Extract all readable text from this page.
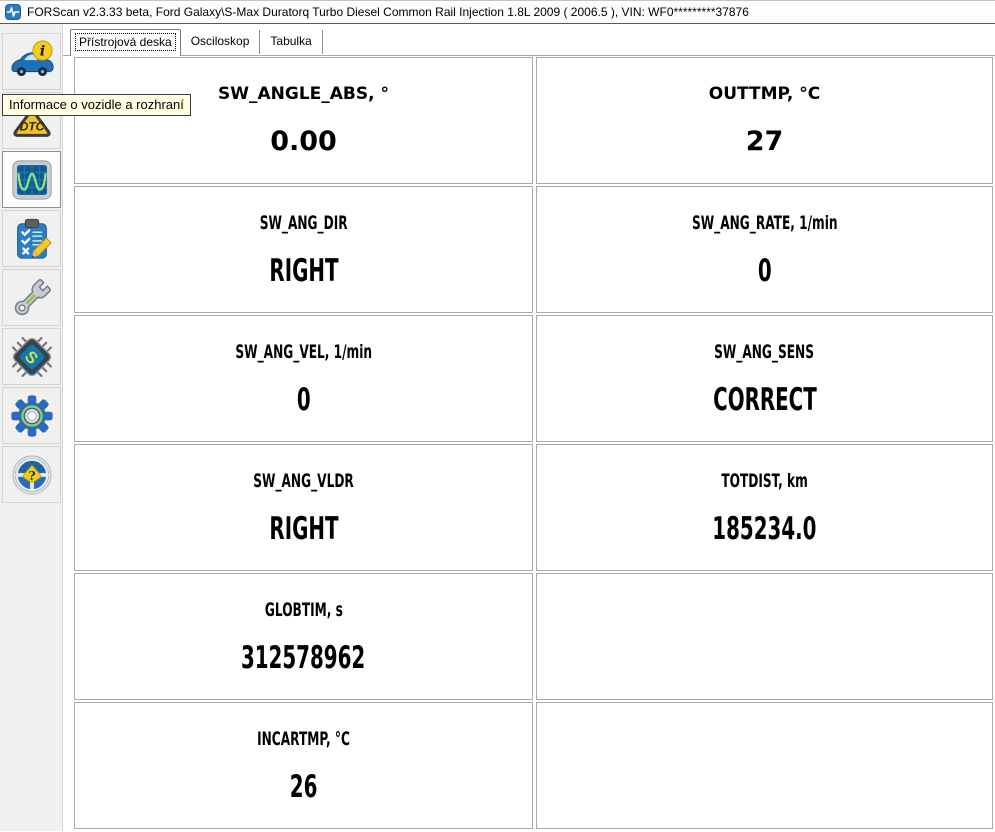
FORScan v2.3.33 beta, Ford Galaxy\S-Max Duratorq Turbo Diesel Common Rail Injection 1.8L 2009 ( 2006.5 ), VIN: WF0*********37876
i
DTC
S
?
Přístrojová deska	Osciloskop	Tabulka
SW_ANGLE_ABS, °
0.00
OUTTMP, °C
27
SW_ANG_DIR
RIGHT
SW_ANG_RATE, 1/min
0
SW_ANG_VEL, 1/min
0
SW_ANG_SENS
CORRECT
SW_ANG_VLDR
RIGHT
TOTDIST, km
185234.0
GLOBTIM, s
312578962
INCARTMP, °C
26
Informace o vozidle a rozhraní
